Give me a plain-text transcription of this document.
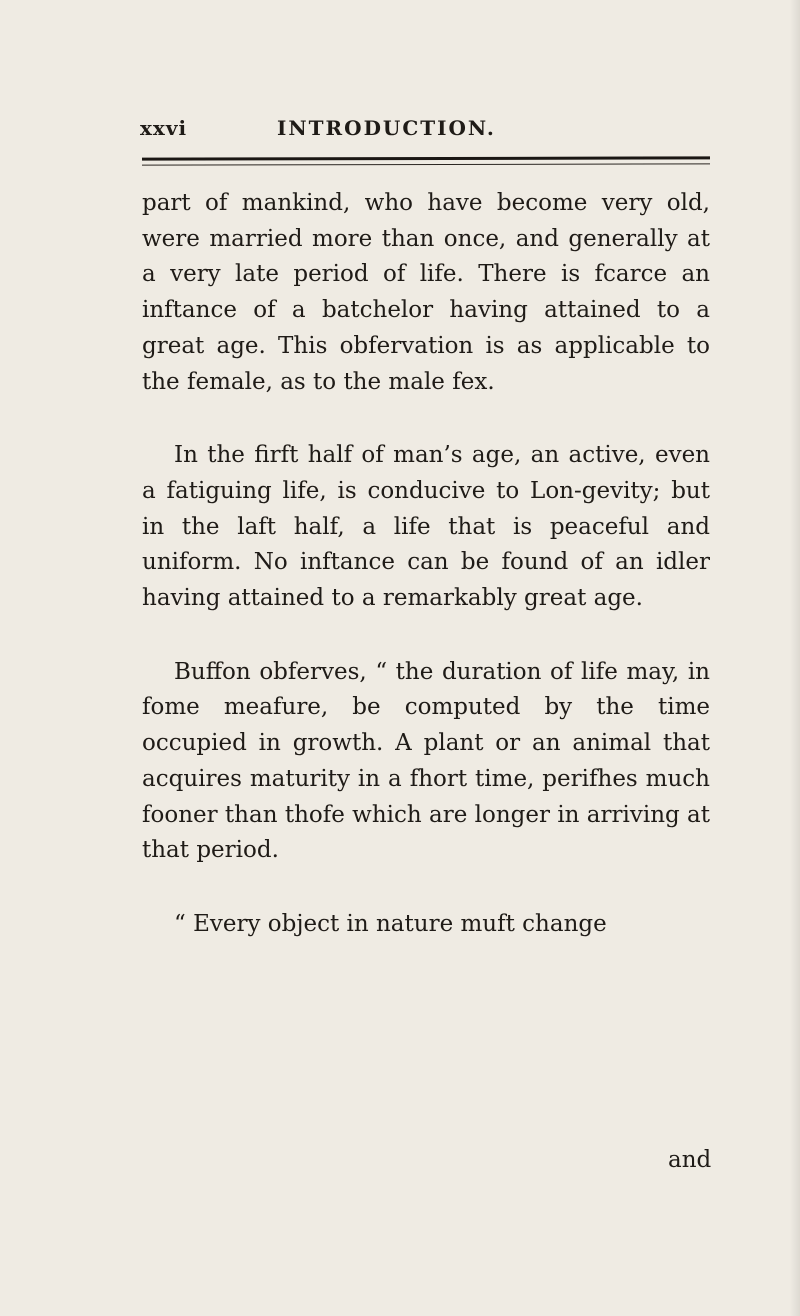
xxvi	INTRODUCTION.

part of mankind, who have become very old, were married more than once, and generally at a very late period of life. There is fcarce an inftance of a batchelor having attained to a great age. This obfervation is as applicable to the female, as to the male fex.

In the firft half of man’s age, an active, even a fatiguing life, is conducive to Lon-gevity; but in the laft half, a life that is peaceful and uniform. No inftance can be found of an idler having attained to a remarkably great age.

Buffon obferves, “ the duration of life may, in fome meafure, be computed by the time occupied in growth. A plant or an animal that acquires maturity in a fhort time, perifhes much fooner than thofe which are longer in arriving at that period.

“ Every object in nature muft change

and
